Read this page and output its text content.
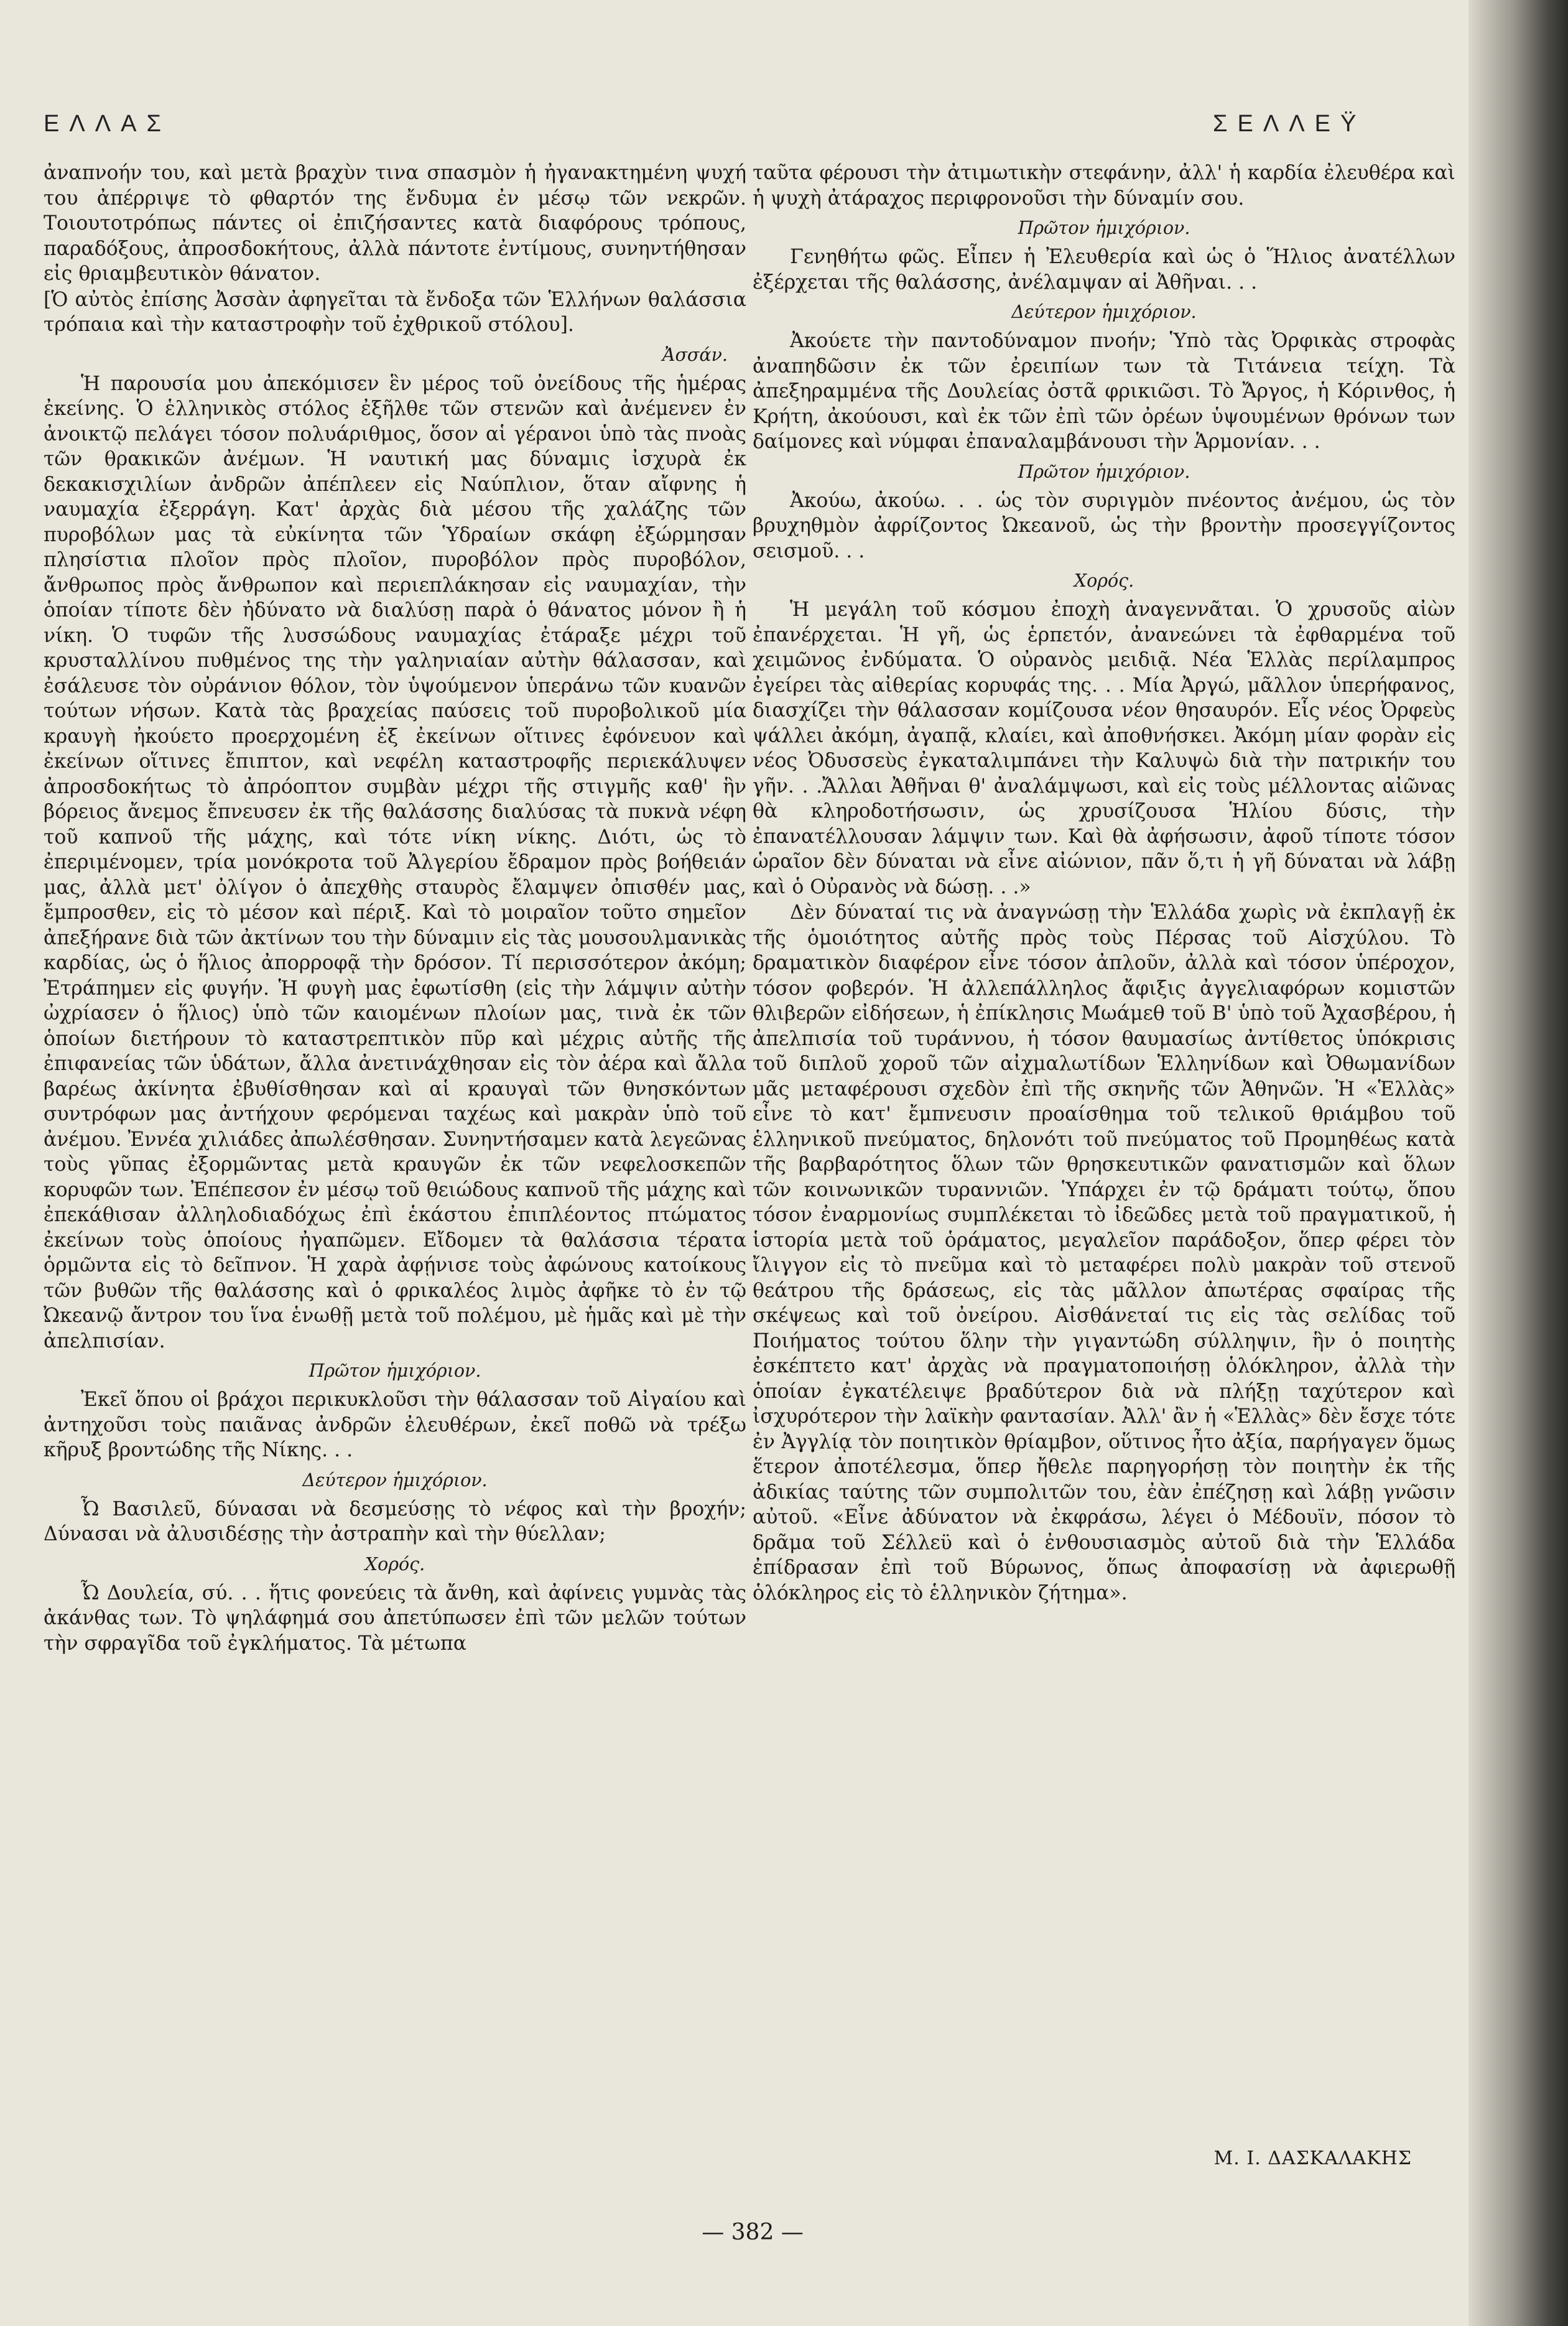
ΕΛΛΑΣ	ΣΕΛΛΕΫ

ἀναπνοήν του, καὶ μετὰ βραχὺν τινα σπασμὸν ἡ ἠγανακτημένη ψυχή του ἀπέρριψε τὸ φθαρτόν της ἔνδυμα ἐν μέσῳ τῶν νεκρῶν. Τοιουτοτρόπως πάντες οἱ ἐπιζήσαντες κατὰ διαφόρους τρόπους, παραδόξους, ἀπροσδοκήτους, ἀλλὰ πάντοτε ἐντίμους, συνηντήθησαν εἰς θριαμβευτικὸν θάνατον.

[Ὁ αὐτὸς ἐπίσης Ἀσσὰν ἀφηγεῖται τὰ ἔνδοξα τῶν Ἑλλήνων θαλάσσια τρόπαια καὶ τὴν καταστροφὴν τοῦ ἐχθρικοῦ στόλου].

Ἀσσάν.

Ἡ παρουσία μου ἀπεκόμισεν ἓν μέρος τοῦ ὀνείδους τῆς ἡμέρας ἐκείνης. Ὁ ἑλληνικὸς στόλος ἐξῆλθε τῶν στενῶν καὶ ἀνέμενεν ἐν ἀνοικτῷ πελάγει τόσον πολυάριθμος, ὅσον αἱ γέρανοι ὑπὸ τὰς πνοὰς τῶν θρακικῶν ἀνέμων. Ἡ ναυτική μας δύναμις ἰσχυρὰ ἐκ δεκακισχιλίων ἀνδρῶν ἀπέπλεεν εἰς Ναύπλιον, ὅταν αἴφνης ἡ ναυμαχία ἐξερράγη. Κατ' ἀρχὰς διὰ μέσου τῆς χαλάζης τῶν πυροβόλων μας τὰ εὐκίνητα τῶν Ὑδραίων σκάφη ἐξώρμησαν πλησίστια πλοῖον πρὸς πλοῖον, πυροβόλον πρὸς πυροβόλον, ἄνθρωπος πρὸς ἄνθρωπον καὶ περιεπλάκησαν εἰς ναυμαχίαν, τὴν ὁποίαν τίποτε δὲν ἠδύνατο νὰ διαλύσῃ παρὰ ὁ θάνατος μόνον ἢ ἡ νίκη. Ὁ τυφῶν τῆς λυσσώδους ναυμαχίας ἐτάραξε μέχρι τοῦ κρυσταλλίνου πυθμένος της τὴν γαληνιαίαν αὐτὴν θάλασσαν, καὶ ἐσάλευσε τὸν οὐράνιον θόλον, τὸν ὑψούμενον ὑπεράνω τῶν κυανῶν τούτων νήσων. Κατὰ τὰς βραχείας παύσεις τοῦ πυροβολικοῦ μία κραυγὴ ἠκούετο προερχομένη ἐξ ἐκείνων οἵτινες ἐφόνευον καὶ ἐκείνων οἵτινες ἔπιπτον, καὶ νεφέλη καταστροφῆς περιεκάλυψεν ἀπροσδοκήτως τὸ ἀπρόοπτον συμβὰν μέχρι τῆς στιγμῆς καθ' ἣν βόρειος ἄνεμος ἔπνευσεν ἐκ τῆς θαλάσσης διαλύσας τὰ πυκνὰ νέφη τοῦ καπνοῦ τῆς μάχης, καὶ τότε νίκη νίκης. Διότι, ὡς τὸ ἐπεριμένομεν, τρία μονόκροτα τοῦ Ἀλγερίου ἔδραμον πρὸς βοήθειάν μας, ἀλλὰ μετ' ὀλίγον ὁ ἀπεχθὴς σταυρὸς ἔλαμψεν ὀπισθέν μας, ἔμπροσθεν, εἰς τὸ μέσον καὶ πέριξ. Καὶ τὸ μοιραῖον τοῦτο σημεῖον ἀπεξήρανε διὰ τῶν ἀκτίνων του τὴν δύναμιν εἰς τὰς μουσουλμανικὰς καρδίας, ὡς ὁ ἥλιος ἀπορροφᾷ τὴν δρόσον. Τί περισσότερον ἀκόμη; Ἐτράπημεν εἰς φυγήν. Ἡ φυγὴ μας ἐφωτίσθη (εἰς τὴν λάμψιν αὐτὴν ὠχρίασεν ὁ ἥλιος) ὑπὸ τῶν καιομένων πλοίων μας, τινὰ ἐκ τῶν ὁποίων διετήρουν τὸ καταστρεπτικὸν πῦρ καὶ μέχρις αὐτῆς τῆς ἐπιφανείας τῶν ὑδάτων, ἄλλα ἀνετινάχθησαν εἰς τὸν ἀέρα καὶ ἄλλα βαρέως ἀκίνητα ἐβυθίσθησαν καὶ αἱ κραυγαὶ τῶν θνησκόντων συντρόφων μας ἀντήχουν φερόμεναι ταχέως καὶ μακρὰν ὑπὸ τοῦ ἀνέμου. Ἐννέα χιλιάδες ἀπωλέσθησαν. Συνηντήσαμεν κατὰ λεγεῶνας τοὺς γῦπας ἐξορμῶντας μετὰ κραυγῶν ἐκ τῶν νεφελοσκεπῶν κορυφῶν των. Ἐπέπεσον ἐν μέσῳ τοῦ θειώδους καπνοῦ τῆς μάχης καὶ ἐπεκάθισαν ἀλληλοδιαδόχως ἐπὶ ἑκάστου ἐπιπλέοντος πτώματος ἐκείνων τοὺς ὁποίους ἠγαπῶμεν. Εἴδομεν τὰ θαλάσσια τέρατα ὁρμῶντα εἰς τὸ δεῖπνον. Ἡ χαρὰ ἀφῄνισε τοὺς ἀφώνους κατοίκους τῶν βυθῶν τῆς θαλάσσης καὶ ὁ φρικαλέος λιμὸς ἀφῆκε τὸ ἐν τῷ Ὠκεανῷ ἄντρον του ἵνα ἑνωθῇ μετὰ τοῦ πολέμου, μὲ ἡμᾶς καὶ μὲ τὴν ἀπελπισίαν.

Πρῶτον ἡμιχόριον.

Ἐκεῖ ὅπου οἱ βράχοι περικυκλοῦσι τὴν θάλασσαν τοῦ Αἰγαίου καὶ ἀντηχοῦσι τοὺς παιᾶνας ἀνδρῶν ἐλευθέρων, ἐκεῖ ποθῶ νὰ τρέξω κῆρυξ βροντώδης τῆς Νίκης. . .

Δεύτερον ἡμιχόριον.

Ὦ Βασιλεῦ, δύνασαι νὰ δεσμεύσῃς τὸ νέφος καὶ τὴν βροχήν; Δύνασαι νὰ ἀλυσιδέσῃς τὴν ἀστραπὴν καὶ τὴν θύελλαν;

Χορός.

Ὦ Δουλεία, σύ. . . ἥτις φονεύεις τὰ ἄνθη, καὶ ἀφίνεις γυμνὰς τὰς ἀκάνθας των. Τὸ ψηλάφημά σου ἀπετύπωσεν ἐπὶ τῶν μελῶν τούτων τὴν σφραγῖδα τοῦ ἐγκλήματος. Τὰ μέτωπα

ταῦτα φέρουσι τὴν ἀτιμωτικὴν στεφάνην, ἀλλ' ἡ καρδία ἐλευθέρα καὶ ἡ ψυχὴ ἀτάραχος περιφρονοῦσι τὴν δύναμίν σου.

Πρῶτον ἡμιχόριον.

Γενηθήτω φῶς. Εἶπεν ἡ Ἐλευθερία καὶ ὡς ὁ Ἥλιος ἀνατέλλων ἐξέρχεται τῆς θαλάσσης, ἀνέλαμψαν αἱ Ἀθῆναι. . .

Δεύτερον ἡμιχόριον.

Ἀκούετε τὴν παντοδύναμον πνοήν; Ὑπὸ τὰς Ὀρφικὰς στροφὰς ἀναπηδῶσιν ἐκ τῶν ἐρειπίων των τὰ Τιτάνεια τείχη. Τὰ ἀπεξηραμμένα τῆς Δουλείας ὀστᾶ φρικιῶσι. Τὸ Ἄργος, ἡ Κόρινθος, ἡ Κρήτη, ἀκούουσι, καὶ ἐκ τῶν ἐπὶ τῶν ὀρέων ὑψουμένων θρόνων των δαίμονες καὶ νύμφαι ἐπαναλαμβάνουσι τὴν Ἁρμονίαν. . .

Πρῶτον ἡμιχόριον.

Ἀκούω, ἀκούω. . . ὡς τὸν συριγμὸν πνέοντος ἀνέμου, ὡς τὸν βρυχηθμὸν ἀφρίζοντος Ὠκεανοῦ, ὡς τὴν βροντὴν προσεγγίζοντος σεισμοῦ. . .

Χορός.

Ἡ μεγάλη τοῦ κόσμου ἐποχὴ ἀναγεννᾶται. Ὁ χρυσοῦς αἰὼν ἐπανέρχεται. Ἡ γῆ, ὡς ἑρπετόν, ἀνανεώνει τὰ ἐφθαρμένα τοῦ χειμῶνος ἐνδύματα. Ὁ οὐρανὸς μειδιᾷ. Νέα Ἑλλὰς περίλαμπρος ἐγείρει τὰς αἰθερίας κορυφάς της. . . Μία Ἀργώ, μᾶλλον ὑπερήφανος, διασχίζει τὴν θάλασσαν κομίζουσα νέον θησαυρόν. Εἷς νέος Ὀρφεὺς ψάλλει ἀκόμη, ἀγαπᾷ, κλαίει, καὶ ἀποθνήσκει. Ἀκόμη μίαν φορὰν εἰς νέος Ὀδυσσεὺς ἐγκαταλιμπάνει τὴν Καλυψὼ διὰ τὴν πατρικήν του γῆν. . .Ἄλλαι Ἀθῆναι θ' ἀναλάμψωσι, καὶ εἰς τοὺς μέλλοντας αἰῶνας θὰ κληροδοτήσωσιν, ὡς χρυσίζουσα Ἡλίου δύσις, τὴν ἐπανατέλλουσαν λάμψιν των. Καὶ θὰ ἀφήσωσιν, ἀφοῦ τίποτε τόσον ὡραῖον δὲν δύναται νὰ εἶνε αἰώνιον, πᾶν ὅ,τι ἡ γῆ δύναται νὰ λάβῃ καὶ ὁ Οὐρανὸς νὰ δώσῃ. . .»

Δὲν δύναταί τις νὰ ἀναγνώσῃ τὴν Ἑλλάδα χωρὶς νὰ ἐκπλαγῇ ἐκ τῆς ὁμοιότητος αὐτῆς πρὸς τοὺς Πέρσας τοῦ Αἰσχύλου. Τὸ δραματικὸν διαφέρον εἶνε τόσον ἀπλοῦν, ἀλλὰ καὶ τόσον ὑπέροχον, τόσον φοβερόν. Ἡ ἀλλεπάλληλος ἄφιξις ἀγγελιαφόρων κομιστῶν θλιβερῶν εἰδήσεων, ἡ ἐπίκλησις Μωάμεθ τοῦ Β' ὑπὸ τοῦ Ἀχασβέρου, ἡ ἀπελπισία τοῦ τυράννου, ἡ τόσον θαυμασίως ἀντίθετος ὑπόκρισις τοῦ διπλοῦ χοροῦ τῶν αἰχμαλωτίδων Ἑλληνίδων καὶ Ὀθωμανίδων μᾶς μεταφέρουσι σχεδὸν ἐπὶ τῆς σκηνῆς τῶν Ἀθηνῶν. Ἡ «Ἑλλὰς» εἶνε τὸ κατ' ἔμπνευσιν προαίσθημα τοῦ τελικοῦ θριάμβου τοῦ ἑλληνικοῦ πνεύματος, δηλονότι τοῦ πνεύματος τοῦ Προμηθέως κατὰ τῆς βαρβαρότητος ὅλων τῶν θρησκευτικῶν φανατισμῶν καὶ ὅλων τῶν κοινωνικῶν τυραννιῶν. Ὑπάρχει ἐν τῷ δράματι τούτῳ, ὅπου τόσον ἐναρμονίως συμπλέκεται τὸ ἰδεῶδες μετὰ τοῦ πραγματικοῦ, ἡ ἱστορία μετὰ τοῦ ὁράματος, μεγαλεῖον παράδοξον, ὅπερ φέρει τὸν ἴλιγγον εἰς τὸ πνεῦμα καὶ τὸ μεταφέρει πολὺ μακρὰν τοῦ στενοῦ θεάτρου τῆς δράσεως, εἰς τὰς μᾶλλον ἀπωτέρας σφαίρας τῆς σκέψεως καὶ τοῦ ὀνείρου. Αἰσθάνεταί τις εἰς τὰς σελίδας τοῦ Ποιήματος τούτου ὅλην τὴν γιγαντώδη σύλληψιν, ἣν ὁ ποιητὴς ἐσκέπτετο κατ' ἀρχὰς νὰ πραγματοποιήσῃ ὁλόκληρον, ἀλλὰ τὴν ὁποίαν ἐγκατέλειψε βραδύτερον διὰ νὰ πλήξῃ ταχύτερον καὶ ἰσχυρότερον τὴν λαϊκὴν φαντασίαν. Ἀλλ' ἂν ἡ «Ἑλλὰς» δὲν ἔσχε τότε ἐν Ἀγγλίᾳ τὸν ποιητικὸν θρίαμβον, οὕτινος ἦτο ἀξία, παρήγαγεν ὅμως ἕτερον ἀποτέλεσμα, ὅπερ ἤθελε παρηγορήσῃ τὸν ποιητὴν ἐκ τῆς ἀδικίας ταύτης τῶν συμπολιτῶν του, ἐὰν ἐπέζησῃ καὶ λάβῃ γνῶσιν αὐτοῦ. «Εἶνε ἀδύνατον νὰ ἐκφράσω, λέγει ὁ Μέδουϊν, πόσον τὸ δρᾶμα τοῦ Σέλλεϋ καὶ ὁ ἐνθουσιασμὸς αὐτοῦ διὰ τὴν Ἑλλάδα ἐπίδρασαν ἐπὶ τοῦ Βύρωνος, ὅπως ἀποφασίσῃ νὰ ἀφιερωθῇ ὁλόκληρος εἰς τὸ ἑλληνικὸν ζήτημα».

Μ. Ι. ΔΑΣΚΑΛΑΚΗΣ
— 382 —
